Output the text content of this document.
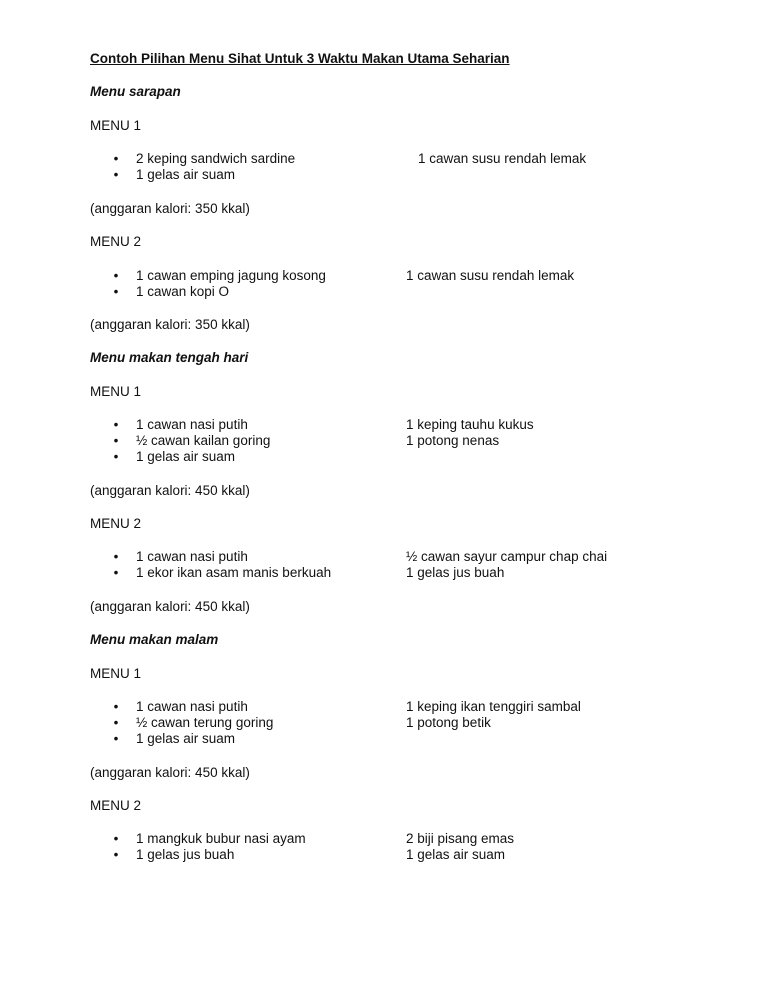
Contoh Pilihan Menu Sihat Untuk 3 Waktu Makan Utama Seharian
Menu sarapan
MENU 1
• 2 keping sandwich sardine	1 cawan susu rendah lemak
• 1 gelas air suam
(anggaran kalori: 350 kkal)
MENU 2
• 1 cawan emping jagung kosong	1 cawan susu rendah lemak
• 1 cawan kopi O
(anggaran kalori: 350 kkal)
Menu makan tengah hari
MENU 1
• 1 cawan nasi putih	1 keping tauhu kukus
• ½ cawan kailan goring	1 potong nenas
• 1 gelas air suam
(anggaran kalori: 450 kkal)
MENU 2
• 1 cawan nasi putih	½ cawan sayur campur chap chai
• 1 ekor ikan asam manis berkuah	1 gelas jus buah
(anggaran kalori: 450 kkal)
Menu makan malam
MENU 1
• 1 cawan nasi putih	1 keping ikan tenggiri sambal
• ½ cawan terung goring	1 potong betik
• 1 gelas air suam
(anggaran kalori: 450 kkal)
MENU 2
• 1 mangkuk bubur nasi ayam	2 biji pisang emas
• 1 gelas jus buah	1 gelas air suam
